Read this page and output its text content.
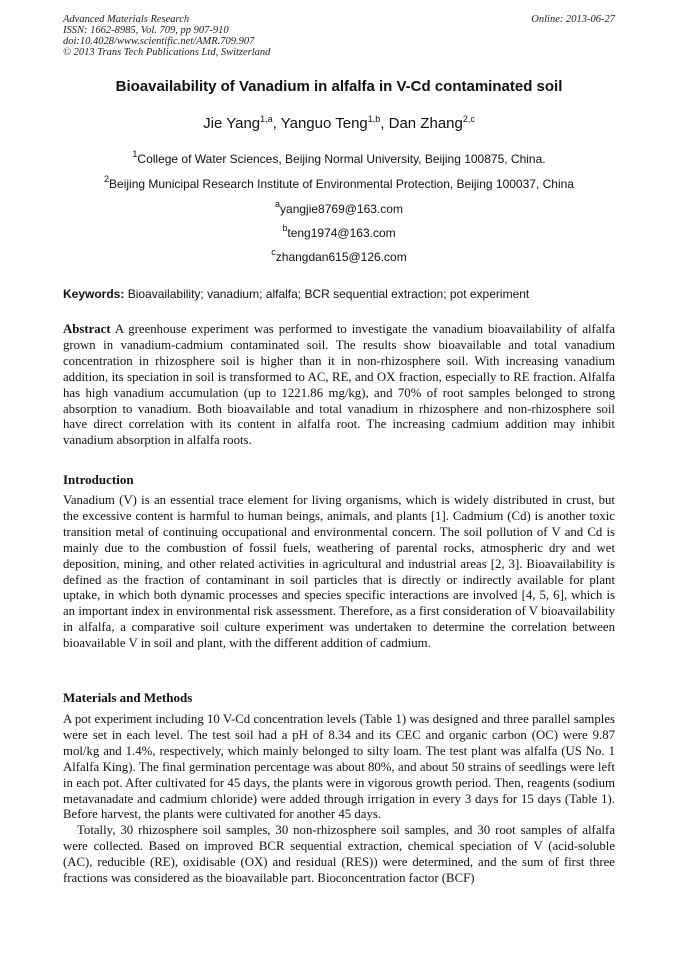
Advanced Materials Research
ISSN: 1662-8985, Vol. 709, pp 907-910
doi:10.4028/www.scientific.net/AMR.709.907
© 2013 Trans Tech Publications Ltd, Switzerland
Online: 2013-06-27
Bioavailability of Vanadium in alfalfa in V-Cd contaminated soil
Jie Yang$^{1,a}$, Yanguo Teng$^{1,b}$, Dan Zhang$^{2,c}$
$^1$College of Water Sciences, Beijing Normal University, Beijing 100875, China.
$^2$Beijing Municipal Research Institute of Environmental Protection, Beijing 100037, China
$^a$yangjie8769@163.com
$^b$teng1974@163.com
$^c$zhangdan615@126.com
Keywords: Bioavailability; vanadium; alfalfa; BCR sequential extraction; pot experiment

Abstract A greenhouse experiment was performed to investigate the vanadium bioavailability of alfalfa grown in vanadium-cadmium contaminated soil. The results show bioavailable and total vanadium concentration in rhizosphere soil is higher than it in non-rhizosphere soil. With increasing vanadium addition, its speciation in soil is transformed to AC, RE, and OX fraction, especially to RE fraction. Alfalfa has high vanadium accumulation (up to 1221.86 mg/kg), and 70% of root samples belonged to strong absorption to vanadium. Both bioavailable and total vanadium in rhizosphere and non-rhizosphere soil have direct correlation with its content in alfalfa root. The increasing cadmium addition may inhibit vanadium absorption in alfalfa roots.

Introduction

Vanadium (V) is an essential trace element for living organisms, which is widely distributed in crust, but the excessive content is harmful to human beings, animals, and plants [1]. Cadmium (Cd) is another toxic transition metal of continuing occupational and environmental concern. The soil pollution of V and Cd is mainly due to the combustion of fossil fuels, weathering of parental rocks, atmospheric dry and wet deposition, mining, and other related activities in agricultural and industrial areas [2, 3]. Bioavailability is defined as the fraction of contaminant in soil particles that is directly or indirectly available for plant uptake, in which both dynamic processes and species specific interactions are involved [4, 5, 6], which is an important index in environmental risk assessment. Therefore, as a first consideration of V bioavailability in alfalfa, a comparative soil culture experiment was undertaken to determine the correlation between bioavailable V in soil and plant, with the different addition of cadmium.

Materials and Methods

A pot experiment including 10 V-Cd concentration levels (Table 1) was designed and three parallel samples were set in each level. The test soil had a pH of 8.34 and its CEC and organic carbon (OC) were 9.87 mol/kg and 1.4%, respectively, which mainly belonged to silty loam. The test plant was alfalfa (US No. 1 Alfalfa King). The final germination percentage was about 80%, and about 50 strains of seedlings were left in each pot. After cultivated for 45 days, the plants were in vigorous growth period. Then, reagents (sodium metavanadate and cadmium chloride) were added through irrigation in every 3 days for 15 days (Table 1). Before harvest, the plants were cultivated for another 45 days.

Totally, 30 rhizosphere soil samples, 30 non-rhizosphere soil samples, and 30 root samples of alfalfa were collected. Based on improved BCR sequential extraction, chemical speciation of V (acid-soluble (AC), reducible (RE), oxidisable (OX) and residual (RES)) were determined, and the sum of first three fractions was considered as the bioavailable part. Bioconcentration factor (BCF)
